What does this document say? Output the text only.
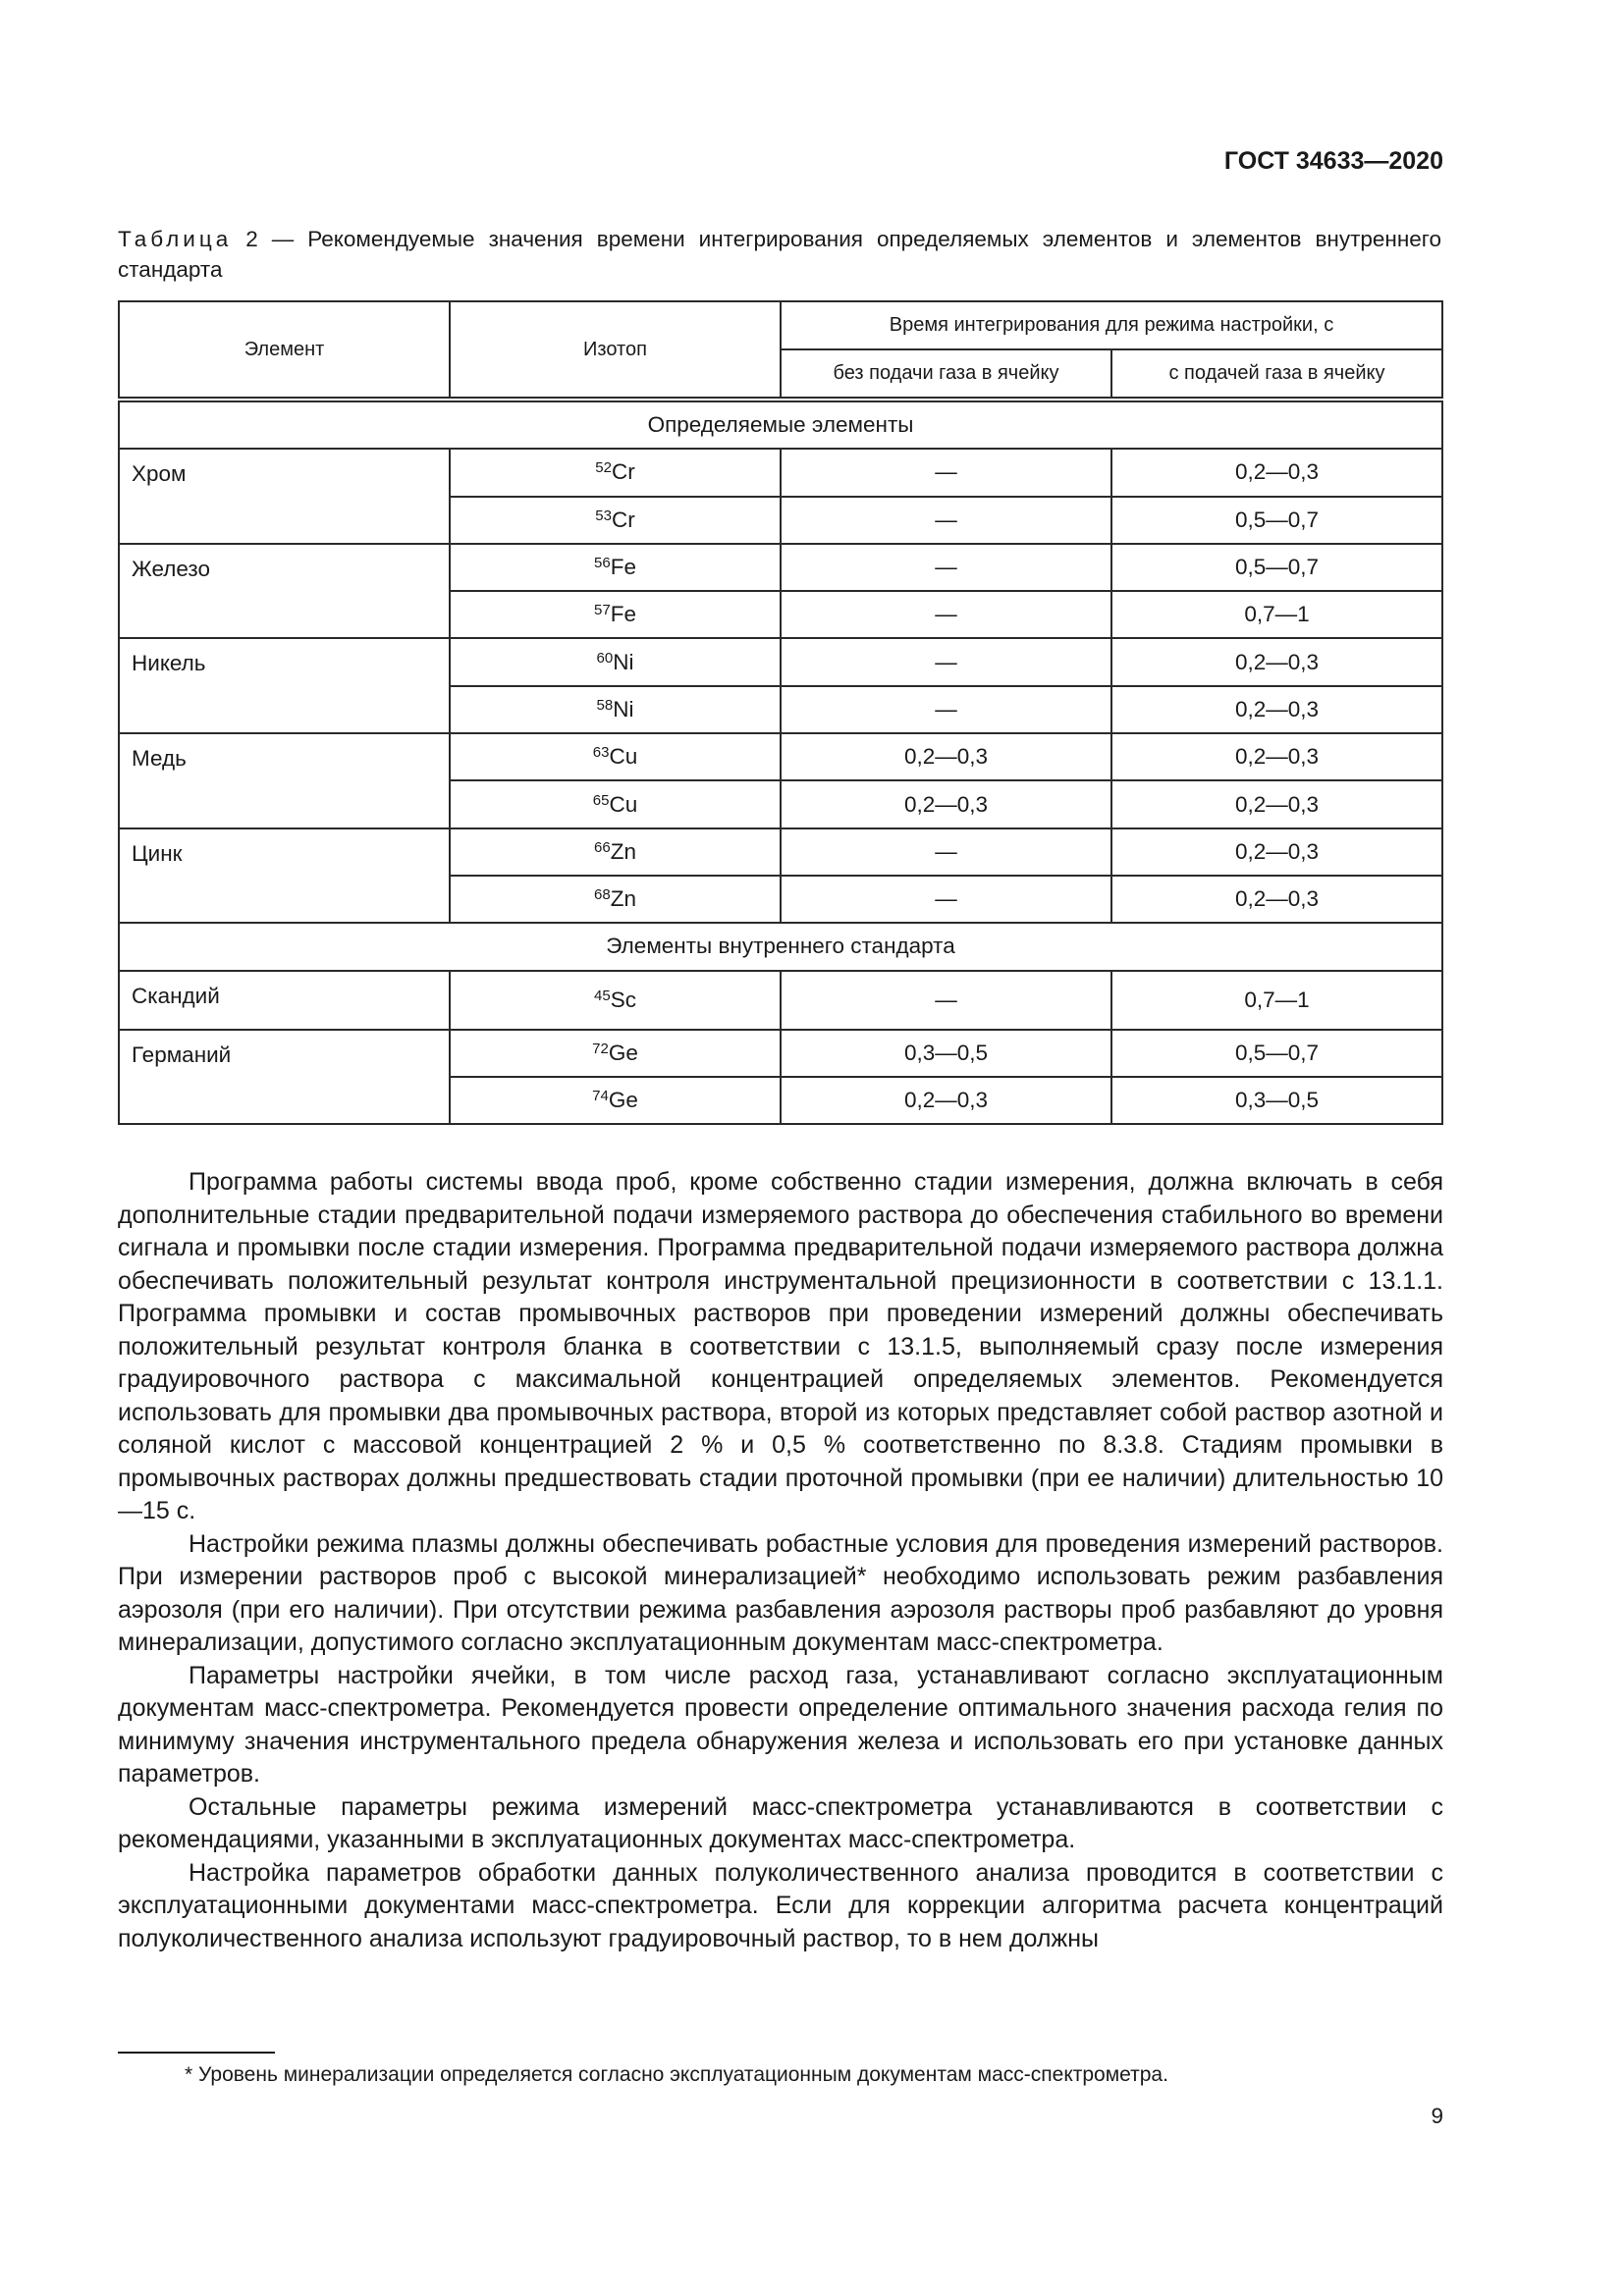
ГОСТ 34633—2020
Таблица 2 — Рекомендуемые значения времени интегрирования определяемых элементов и элементов внутреннего стандарта
Элемент	Изотоп	Время интегрирования для режима настройки, с	
		без подачи газа в ячейку	с подачей газа в ячейку
Определяемые элементы			
Хром	$^{52}$Cr	—	0,2—0,3
	$^{53}$Cr	—	0,5—0,7
Железо	$^{56}$Fe	—	0,5—0,7
	$^{57}$Fe	—	0,7—1
Никель	$^{60}$Ni	—	0,2—0,3
	$^{58}$Ni	—	0,2—0,3
Медь	$^{63}$Cu	0,2—0,3	0,2—0,3
	$^{65}$Cu	0,2—0,3	0,2—0,3
Цинк	$^{66}$Zn	—	0,2—0,3
	$^{68}$Zn	—	0,2—0,3
Элементы внутреннего стандарта			
Скандий	$^{45}$Sc	—	0,7—1
Германий	$^{72}$Ge	0,3—0,5	0,5—0,7
	$^{74}$Ge	0,2—0,3	0,3—0,5

Программа работы системы ввода проб, кроме собственно стадии измерения, должна включать в себя дополнительные стадии предварительной подачи измеряемого раствора до обеспечения стабильного во времени сигнала и промывки после стадии измерения. Программа предварительной подачи измеряемого раствора должна обеспечивать положительный результат контроля инструментальной прецизионности в соответствии с 13.1.1. Программа промывки и состав промывочных растворов при проведении измерений должны обеспечивать положительный результат контроля бланка в соответствии с 13.1.5, выполняемый сразу после измерения градуировочного раствора с максимальной концентрацией определяемых элементов. Рекомендуется использовать для промывки два промывочных раствора, второй из которых представляет собой раствор азотной и соляной кислот с массовой концентрацией 2 % и 0,5 % соответственно по 8.3.8. Стадиям промывки в промывочных растворах должны предшествовать стадии проточной промывки (при ее наличии) длительностью 10—15 с.

Настройки режима плазмы должны обеспечивать робастные условия для проведения измерений растворов. При измерении растворов проб с высокой минерализацией* необходимо использовать режим разбавления аэрозоля (при его наличии). При отсутствии режима разбавления аэрозоля растворы проб разбавляют до уровня минерализации, допустимого согласно эксплуатационным документам масс-спектрометра.

Параметры настройки ячейки, в том числе расход газа, устанавливают согласно эксплуатационным документам масс-спектрометра. Рекомендуется провести определение оптимального значения расхода гелия по минимуму значения инструментального предела обнаружения железа и использовать его при установке данных параметров.

Остальные параметры режима измерений масс-спектрометра устанавливаются в соответствии с рекомендациями, указанными в эксплуатационных документах масс-спектрометра.

Настройка параметров обработки данных полуколичественного анализа проводится в соответствии с эксплуатационными документами масс-спектрометра. Если для коррекции алгоритма расчета концентраций полуколичественного анализа используют градуировочный раствор, то в нем должны

* Уровень минерализации определяется согласно эксплуатационным документам масс-спектрометра.
9
